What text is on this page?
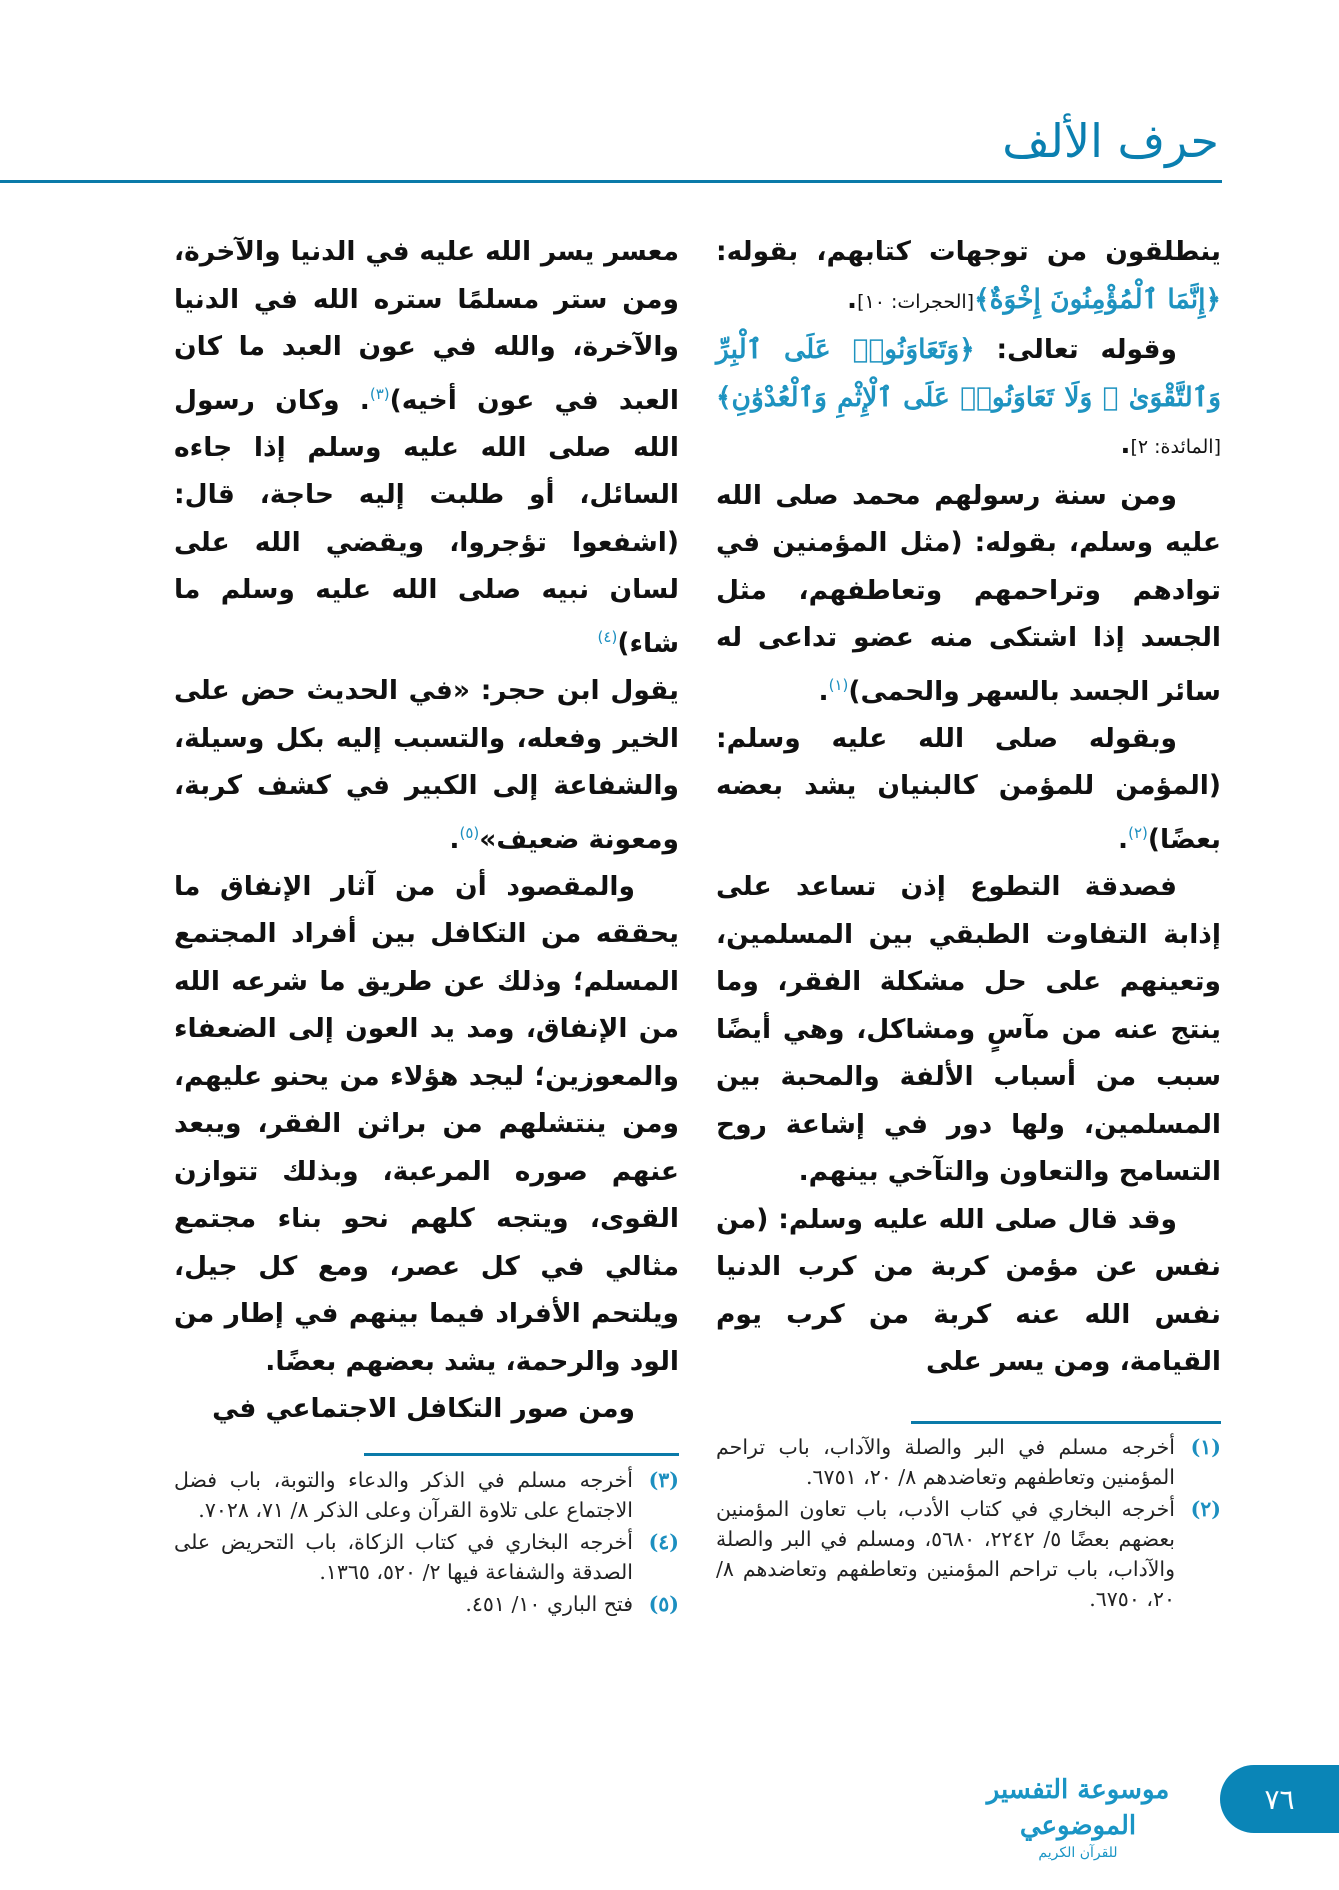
حرف الألف

ينطلقون من توجهات كتابهم، بقوله: ﴿إِنَّمَا ٱلْمُؤْمِنُونَ إِخْوَةٌ﴾[الحجرات: ١٠].

وقوله تعالى: ﴿وَتَعَاوَنُوا۟ عَلَى ٱلْبِرِّ وَٱلتَّقْوَىٰ ۖ وَلَا تَعَاوَنُوا۟ عَلَى ٱلْإِثْمِ وَٱلْعُدْوَٰنِ﴾[المائدة: ٢].

ومن سنة رسولهم محمد صلى الله عليه وسلم، بقوله: (مثل المؤمنين في توادهم وتراحمهم وتعاطفهم، مثل الجسد إذا اشتكى منه عضو تداعى له سائر الجسد بالسهر والحمى)$^{(١)}$.

وبقوله صلى الله عليه وسلم: (المؤمن للمؤمن كالبنيان يشد بعضه بعضًا)$^{(٢)}$.

فصدقة التطوع إذن تساعد على إذابة التفاوت الطبقي بين المسلمين، وتعينهم على حل مشكلة الفقر، وما ينتج عنه من مآسٍ ومشاكل، وهي أيضًا سبب من أسباب الألفة والمحبة بين المسلمين، ولها دور في إشاعة روح التسامح والتعاون والتآخي بينهم.

وقد قال صلى الله عليه وسلم: (من نفس عن مؤمن كربة من كرب الدنيا نفس الله عنه كربة من كرب يوم القيامة، ومن يسر على

معسر يسر الله عليه في الدنيا والآخرة، ومن ستر مسلمًا ستره الله في الدنيا والآخرة، والله في عون العبد ما كان العبد في عون أخيه)$^{(٣)}$. وكان رسول الله صلى الله عليه وسلم إذا جاءه السائل، أو طلبت إليه حاجة، قال: (اشفعوا تؤجروا، ويقضي الله على لسان نبيه صلى الله عليه وسلم ما شاء)$^{(٤)}$

يقول ابن حجر: «في الحديث حض على الخير وفعله، والتسبب إليه بكل وسيلة، والشفاعة إلى الكبير في كشف كربة، ومعونة ضعيف»$^{(٥)}$.

والمقصود أن من آثار الإنفاق ما يحققه من التكافل بين أفراد المجتمع المسلم؛ وذلك عن طريق ما شرعه الله من الإنفاق، ومد يد العون إلى الضعفاء والمعوزين؛ ليجد هؤلاء من يحنو عليهم، ومن ينتشلهم من براثن الفقر، ويبعد عنهم صوره المرعبة، وبذلك تتوازن القوى، ويتجه كلهم نحو بناء مجتمع مثالي في كل عصر، ومع كل جيل، ويلتحم الأفراد فيما بينهم في إطار من الود والرحمة، يشد بعضهم بعضًا.

ومن صور التكافل الاجتماعي في

(١)
أخرجه مسلم في البر والصلة والآداب، باب تراحم المؤمنين وتعاطفهم وتعاضدهم ٨/ ٢٠، ٦٧٥١.
(٢)
أخرجه البخاري في كتاب الأدب، باب تعاون المؤمنين بعضهم بعضًا ٥/ ٢٢٤٢، ٥٦٨٠، ومسلم في البر والصلة والآداب، باب تراحم المؤمنين وتعاطفهم وتعاضدهم ٨/ ٢٠، ٦٧٥٠.
(٣)
أخرجه مسلم في الذكر والدعاء والتوبة، باب فضل الاجتماع على تلاوة القرآن وعلى الذكر ٨/ ٧١، ٧٠٢٨.
(٤)
أخرجه البخاري في كتاب الزكاة، باب التحريض على الصدقة والشفاعة فيها ٢/ ٥٢٠، ١٣٦٥.
(٥)
فتح الباري ١٠/ ٤٥١.
موسوعة التفسير الموضوعي
للقرآن الكريم
٧٦
